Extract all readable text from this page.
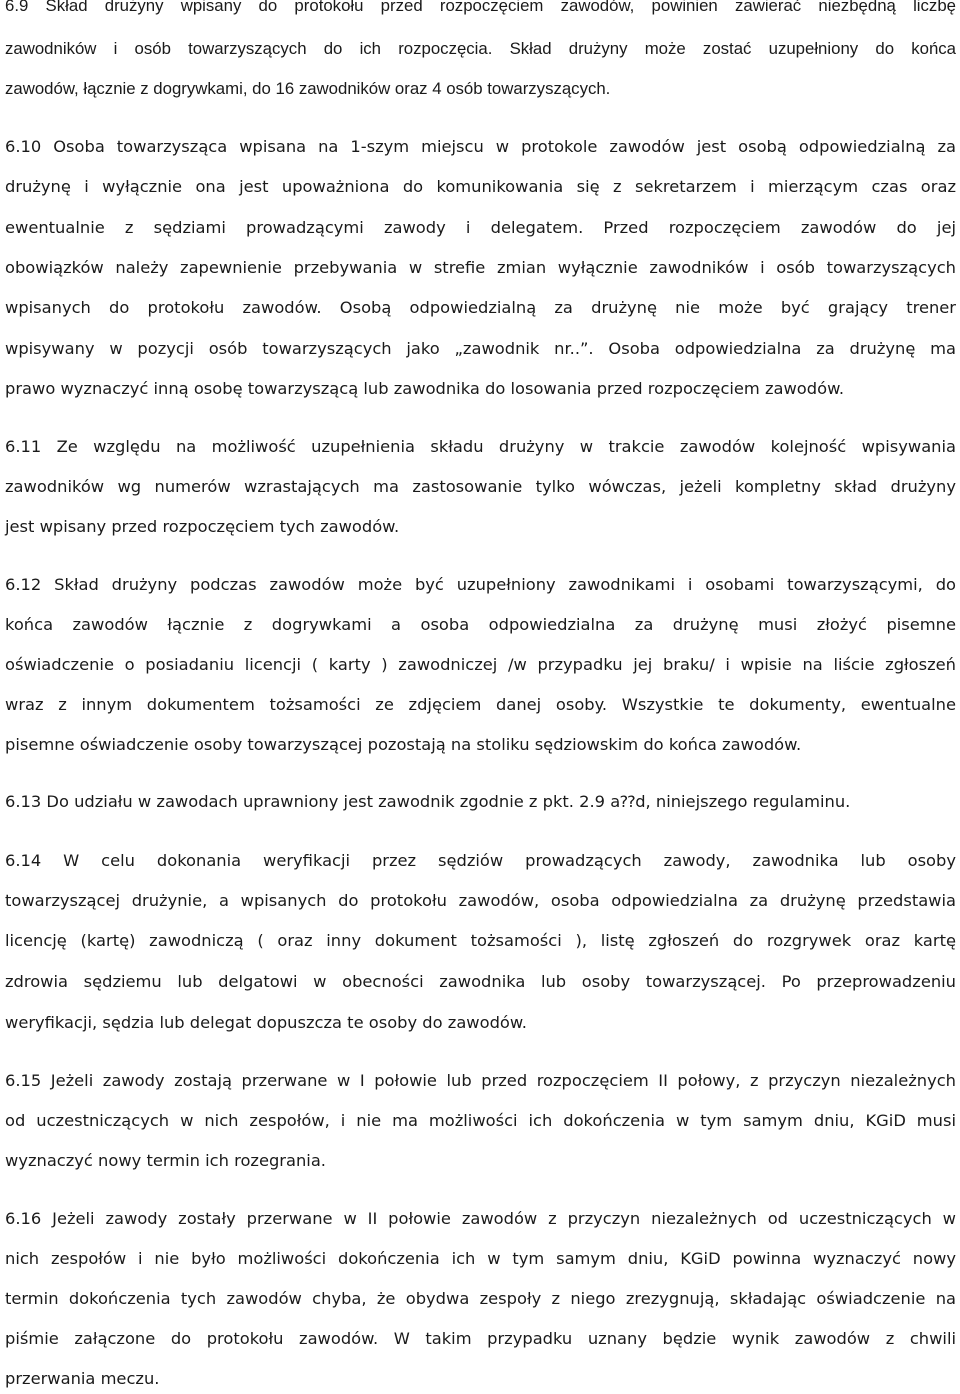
6.9 Skład drużyny wpisany do protokołu przed rozpoczęciem zawodów, powinien zawierać niezbędną liczbę
zawodników i osób towarzyszących do ich rozpoczęcia. Skład drużyny może zostać uzupełniony do końca
zawodów, łącznie z dogrywkami, do 16 zawodników oraz 4 osób towarzyszących.
6.10 Osoba towarzysząca wpisana na 1-szym miejscu w protokole zawodów jest osobą odpowiedzialną za
drużynę i wyłącznie ona jest upoważniona do komunikowania się z sekretarzem i mierzącym czas oraz
ewentualnie z sędziami prowadzącymi zawody i delegatem. Przed rozpoczęciem zawodów do jej
obowiązków należy zapewnienie przebywania w strefie zmian wyłącznie zawodników i osób towarzyszących
wpisanych do protokołu zawodów. Osobą odpowiedzialną za drużynę nie może być grający trener
wpisywany w pozycji osób towarzyszących jako „zawodnik nr..”. Osoba odpowiedzialna za drużynę ma
prawo wyznaczyć inną osobę towarzyszącą lub zawodnika do losowania przed rozpoczęciem zawodów.
6.11 Ze względu na możliwość uzupełnienia składu drużyny w trakcie zawodów kolejność wpisywania
zawodników wg numerów wzrastających ma zastosowanie tylko wówczas, jeżeli kompletny skład drużyny
jest wpisany przed rozpoczęciem tych zawodów.
6.12 Skład drużyny podczas zawodów może być uzupełniony zawodnikami i osobami towarzyszącymi, do
końca zawodów łącznie z dogrywkami a osoba odpowiedzialna za drużynę musi złożyć pisemne
oświadczenie o posiadaniu licencji ( karty ) zawodniczej /w przypadku jej braku/ i wpisie na liście zgłoszeń
wraz z innym dokumentem tożsamości ze zdjęciem danej osoby. Wszystkie te dokumenty, ewentualne
pisemne oświadczenie osoby towarzyszącej pozostają na stoliku sędziowskim do końca zawodów.
6.13 Do udziału w zawodach uprawniony jest zawodnik zgodnie z pkt. 2.9 a⁇d, niniejszego regulaminu.
6.14 W celu dokonania weryfikacji przez sędziów prowadzących zawody, zawodnika lub osoby
towarzyszącej drużynie, a wpisanych do protokołu zawodów, osoba odpowiedzialna za drużynę przedstawia
licencję (kartę) zawodniczą ( oraz inny dokument tożsamości ), listę zgłoszeń do rozgrywek oraz kartę
zdrowia sędziemu lub delgatowi w obecności zawodnika lub osoby towarzyszącej. Po przeprowadzeniu
weryfikacji, sędzia lub delegat dopuszcza te osoby do zawodów.
6.15 Jeżeli zawody zostają przerwane w I połowie lub przed rozpoczęciem II połowy, z przyczyn niezależnych
od uczestniczących w nich zespołów, i nie ma możliwości ich dokończenia w tym samym dniu, KGiD musi
wyznaczyć nowy termin ich rozegrania.
6.16 Jeżeli zawody zostały przerwane w II połowie zawodów z przyczyn niezależnych od uczestniczących w
nich zespołów i nie było możliwości dokończenia ich w tym samym dniu, KGiD powinna wyznaczyć nowy
termin dokończenia tych zawodów chyba, że obydwa zespoły z niego zrezygnują, składając oświadczenie na
piśmie załączone do protokołu zawodów. W takim przypadku uznany będzie wynik zawodów z chwili
przerwania meczu.
